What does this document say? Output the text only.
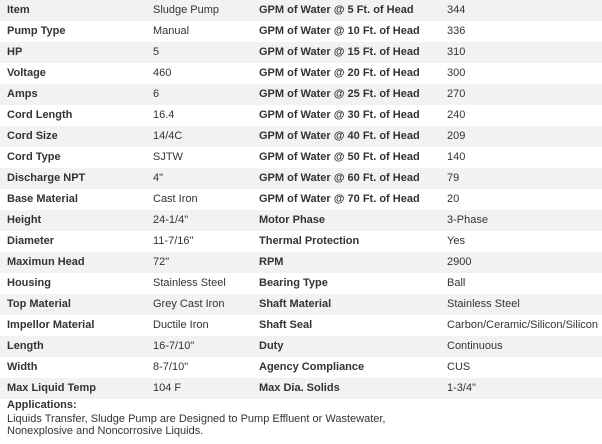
Item	Sludge Pump	GPM of Water @ 5 Ft. of Head	344
Pump Type	Manual	GPM of Water @ 10 Ft. of Head	336
HP	5	GPM of Water @ 15 Ft. of Head	310
Voltage	460	GPM of Water @ 20 Ft. of Head	300
Amps	6	GPM of Water @ 25 Ft. of Head	270
Cord Length	16.4	GPM of Water @ 30 Ft. of Head	240
Cord Size	14/4C	GPM of Water @ 40 Ft. of Head	209
Cord Type	SJTW	GPM of Water @ 50 Ft. of Head	140
Discharge NPT	4"	GPM of Water @ 60 Ft. of Head	79
Base Material	Cast Iron	GPM of Water @ 70 Ft. of Head	20
Height	24-1/4"	Motor Phase	3-Phase
Diameter	11-7/16"	Thermal Protection	Yes
Maximun Head	72"	RPM	2900
Housing	Stainless Steel	Bearing Type	Ball
Top Material	Grey Cast Iron	Shaft Material	Stainless Steel
Impellor Material	Ductile Iron	Shaft Seal	Carbon/Ceramic/Silicon/Silicon
Length	16-7/10"	Duty	Continuous
Width	8-7/10"	Agency Compliance	CUS
Max Liquid Temp	104 F	Max Dia. Solids	1-3/4"
Applications:
Liquids Transfer, Sludge Pump are Designed to Pump Effluent or Wastewater, Nonexplosive and Noncorrosive Liquids.
